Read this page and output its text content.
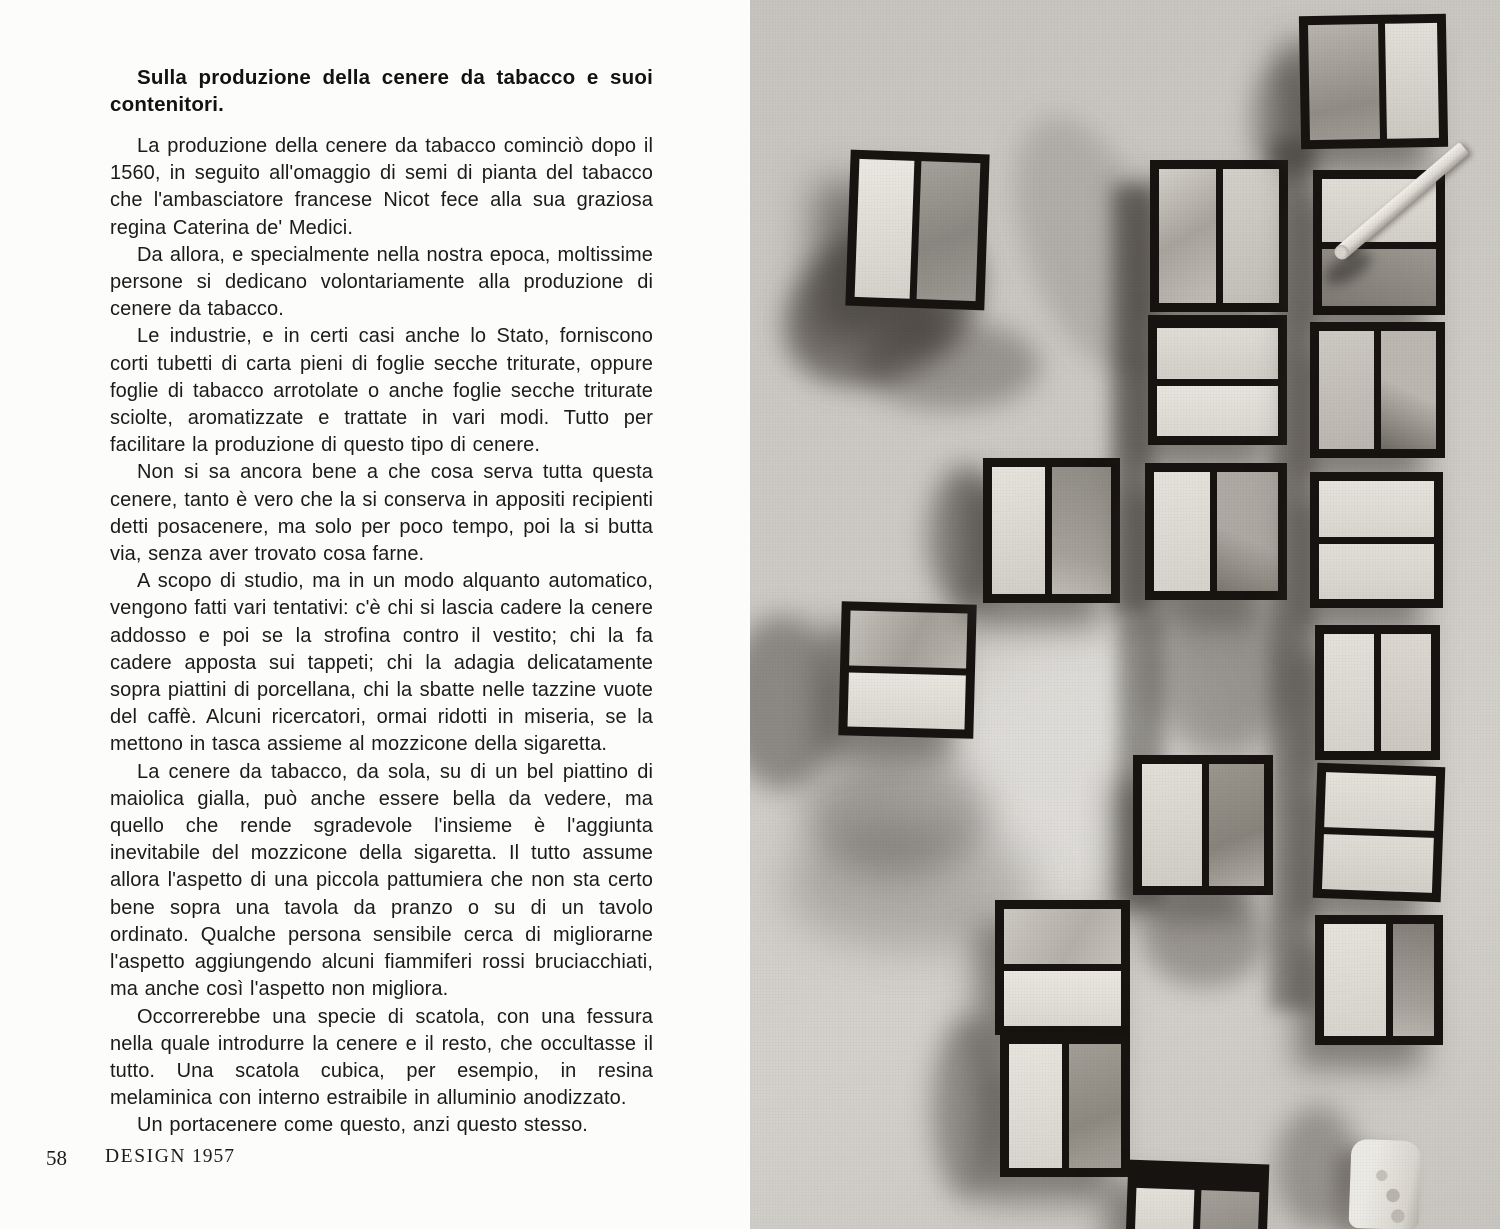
Sulla produzione della cenere da tabacco e suoi contenitori.

La produzione della cenere da tabacco cominciò dopo il 1560, in seguito all'omaggio di semi di pianta del tabacco che l'ambasciatore francese Nicot fece alla sua graziosa regina Caterina de' Medici.

Da allora, e specialmente nella nostra epoca, moltissime persone si dedicano volontariamente alla produzione di cenere da tabacco.

Le industrie, e in certi casi anche lo Stato, forniscono corti tubetti di carta pieni di foglie secche triturate, oppure foglie di tabacco arrotolate o anche foglie secche triturate sciolte, aromatizzate e trattate in vari modi. Tutto per facilitare la produzione di questo tipo di cenere.

Non si sa ancora bene a che cosa serva tutta questa cenere, tanto è vero che la si conserva in appositi recipienti detti posacenere, ma solo per poco tempo, poi la si butta via, senza aver trovato cosa farne.

A scopo di studio, ma in un modo alquanto automatico, vengono fatti vari tentativi: c'è chi si lascia cadere la cenere addosso e poi se la strofina contro il vestito; chi la fa cadere apposta sui tappeti; chi la adagia delicatamente sopra piattini di porcellana, chi la sbatte nelle tazzine vuote del caffè. Alcuni ricercatori, ormai ridotti in miseria, se la mettono in tasca assieme al mozzicone della sigaretta.

La cenere da tabacco, da sola, su di un bel piattino di maiolica gialla, può anche essere bella da vedere, ma quello che rende sgradevole l'insieme è l'aggiunta inevitabile del mozzicone della sigaretta. Il tutto assume allora l'aspetto di una piccola pattumiera che non sta certo bene sopra una tavola da pranzo o su di un tavolo ordinato. Qualche persona sensibile cerca di migliorarne l'aspetto aggiungendo alcuni fiammiferi rossi bruciacchiati, ma anche così l'aspetto non migliora.

Occorrerebbe una specie di scatola, con una fessura nella quale introdurre la cenere e il resto, che occultasse il tutto. Una scatola cubica, per esempio, in resina melaminica con interno estraibile in alluminio anodizzato.

Un portacenere come questo, anzi questo stesso.

58 DESIGN 1957
